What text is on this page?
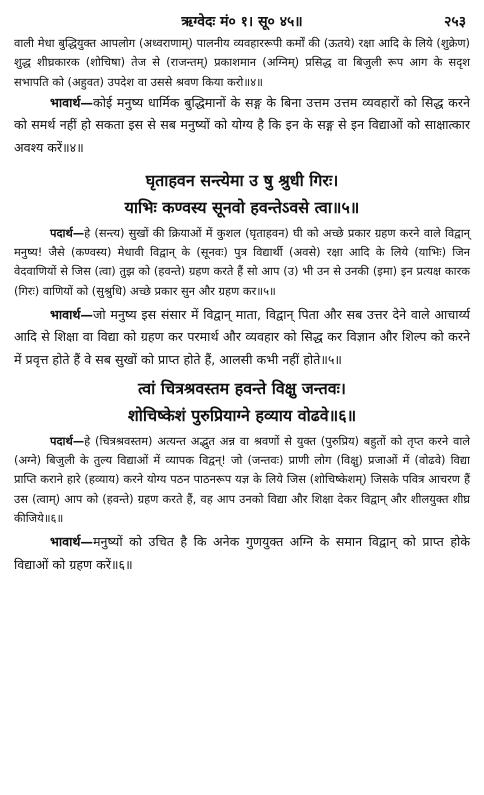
ऋग्वेदः मं० १। सू० ४५॥	२५३

वाली मेधा बुद्धियुक्त आपलोग (अध्वराणाम्) पालनीय व्यवहाररूपी कर्मों की (ऊतये) रक्षा आदि के लिये (शुक्रेण) शुद्ध शीघ्रकारक (शोचिषा) तेज से (राजन्तम्) प्रकाशमान (अग्निम्) प्रसिद्ध वा बिजुली रूप आग के सदृश सभापति को (अहुवत) उपदेश वा उससे श्रवण किया करो॥४॥

भावार्थ—कोई मनुष्य धार्मिक बुद्धिमानों के सङ्ग के बिना उत्तम उत्तम व्यवहारों को सिद्ध करने को समर्थ नहीं हो सकता इस से सब मनुष्यों को योग्य है कि इन के सङ्ग से इन विद्याओं को साक्षात्कार अवश्य करें॥४॥

घृताहवन सन्त्येमा उ षु श्रुधी गिरः।
याभिः कण्वस्य सूनवो हवन्तेऽवसे त्वा॥५॥

पदार्थ—हे (सन्त्य) सुखों की क्रियाओं में कुशल (घृताहवन) घी को अच्छे प्रकार ग्रहण करने वाले विद्वान् मनुष्य! जैसे (कण्वस्य) मेधावी विद्वान् के (सूनवः) पुत्र विद्यार्थी (अवसे) रक्षा आदि के लिये (याभिः) जिन वेदवाणियों से जिस (त्वा) तुझ को (हवन्ते) ग्रहण करते हैं सो आप (उ) भी उन से उनकी (इमा) इन प्रत्यक्ष कारक (गिरः) वाणियों को (सुश्रुधि) अच्छे प्रकार सुन और ग्रहण कर॥५॥

भावार्थ—जो मनुष्य इस संसार में विद्वान् माता, विद्वान् पिता और सब उत्तर देने वाले आचार्य्य आदि से शिक्षा वा विद्या को ग्रहण कर परमार्थ और व्यवहार को सिद्ध कर विज्ञान और शिल्प को करने में प्रवृत्त होते हैं वे सब सुखों को प्राप्त होते हैं, आलसी कभी नहीं होते॥५॥

त्वां चित्रश्रवस्तम हवन्ते विक्षु जन्तवः।
शोचिष्केशं पुरुप्रियाग्ने हव्याय वोढवे॥६॥

पदार्थ—हे (चित्रश्रवस्तम) अत्यन्त अद्भुत अन्न वा श्रवणों से युक्त (पुरुप्रिय) बहुतों को तृप्त करने वाले (अग्ने) बिजुली के तुल्य विद्याओं में व्यापक विद्वन्! जो (जन्तवः) प्राणी लोग (विक्षु) प्रजाओं में (वोढवे) विद्या प्राप्ति कराने हारे (हव्याय) करने योग्य पठन पाठनरूप यज्ञ के लिये जिस (शोचिष्केशम्) जिसके पवित्र आचरण हैं उस (त्वाम्) आप को (हवन्ते) ग्रहण करते हैं, वह आप उनको विद्या और शिक्षा देकर विद्वान् और शीलयुक्त शीघ्र कीजिये॥६॥

भावार्थ—मनुष्यों को उचित है कि अनेक गुणयुक्त अग्नि के समान विद्वान् को प्राप्त होके विद्याओं को ग्रहण करें॥६॥
